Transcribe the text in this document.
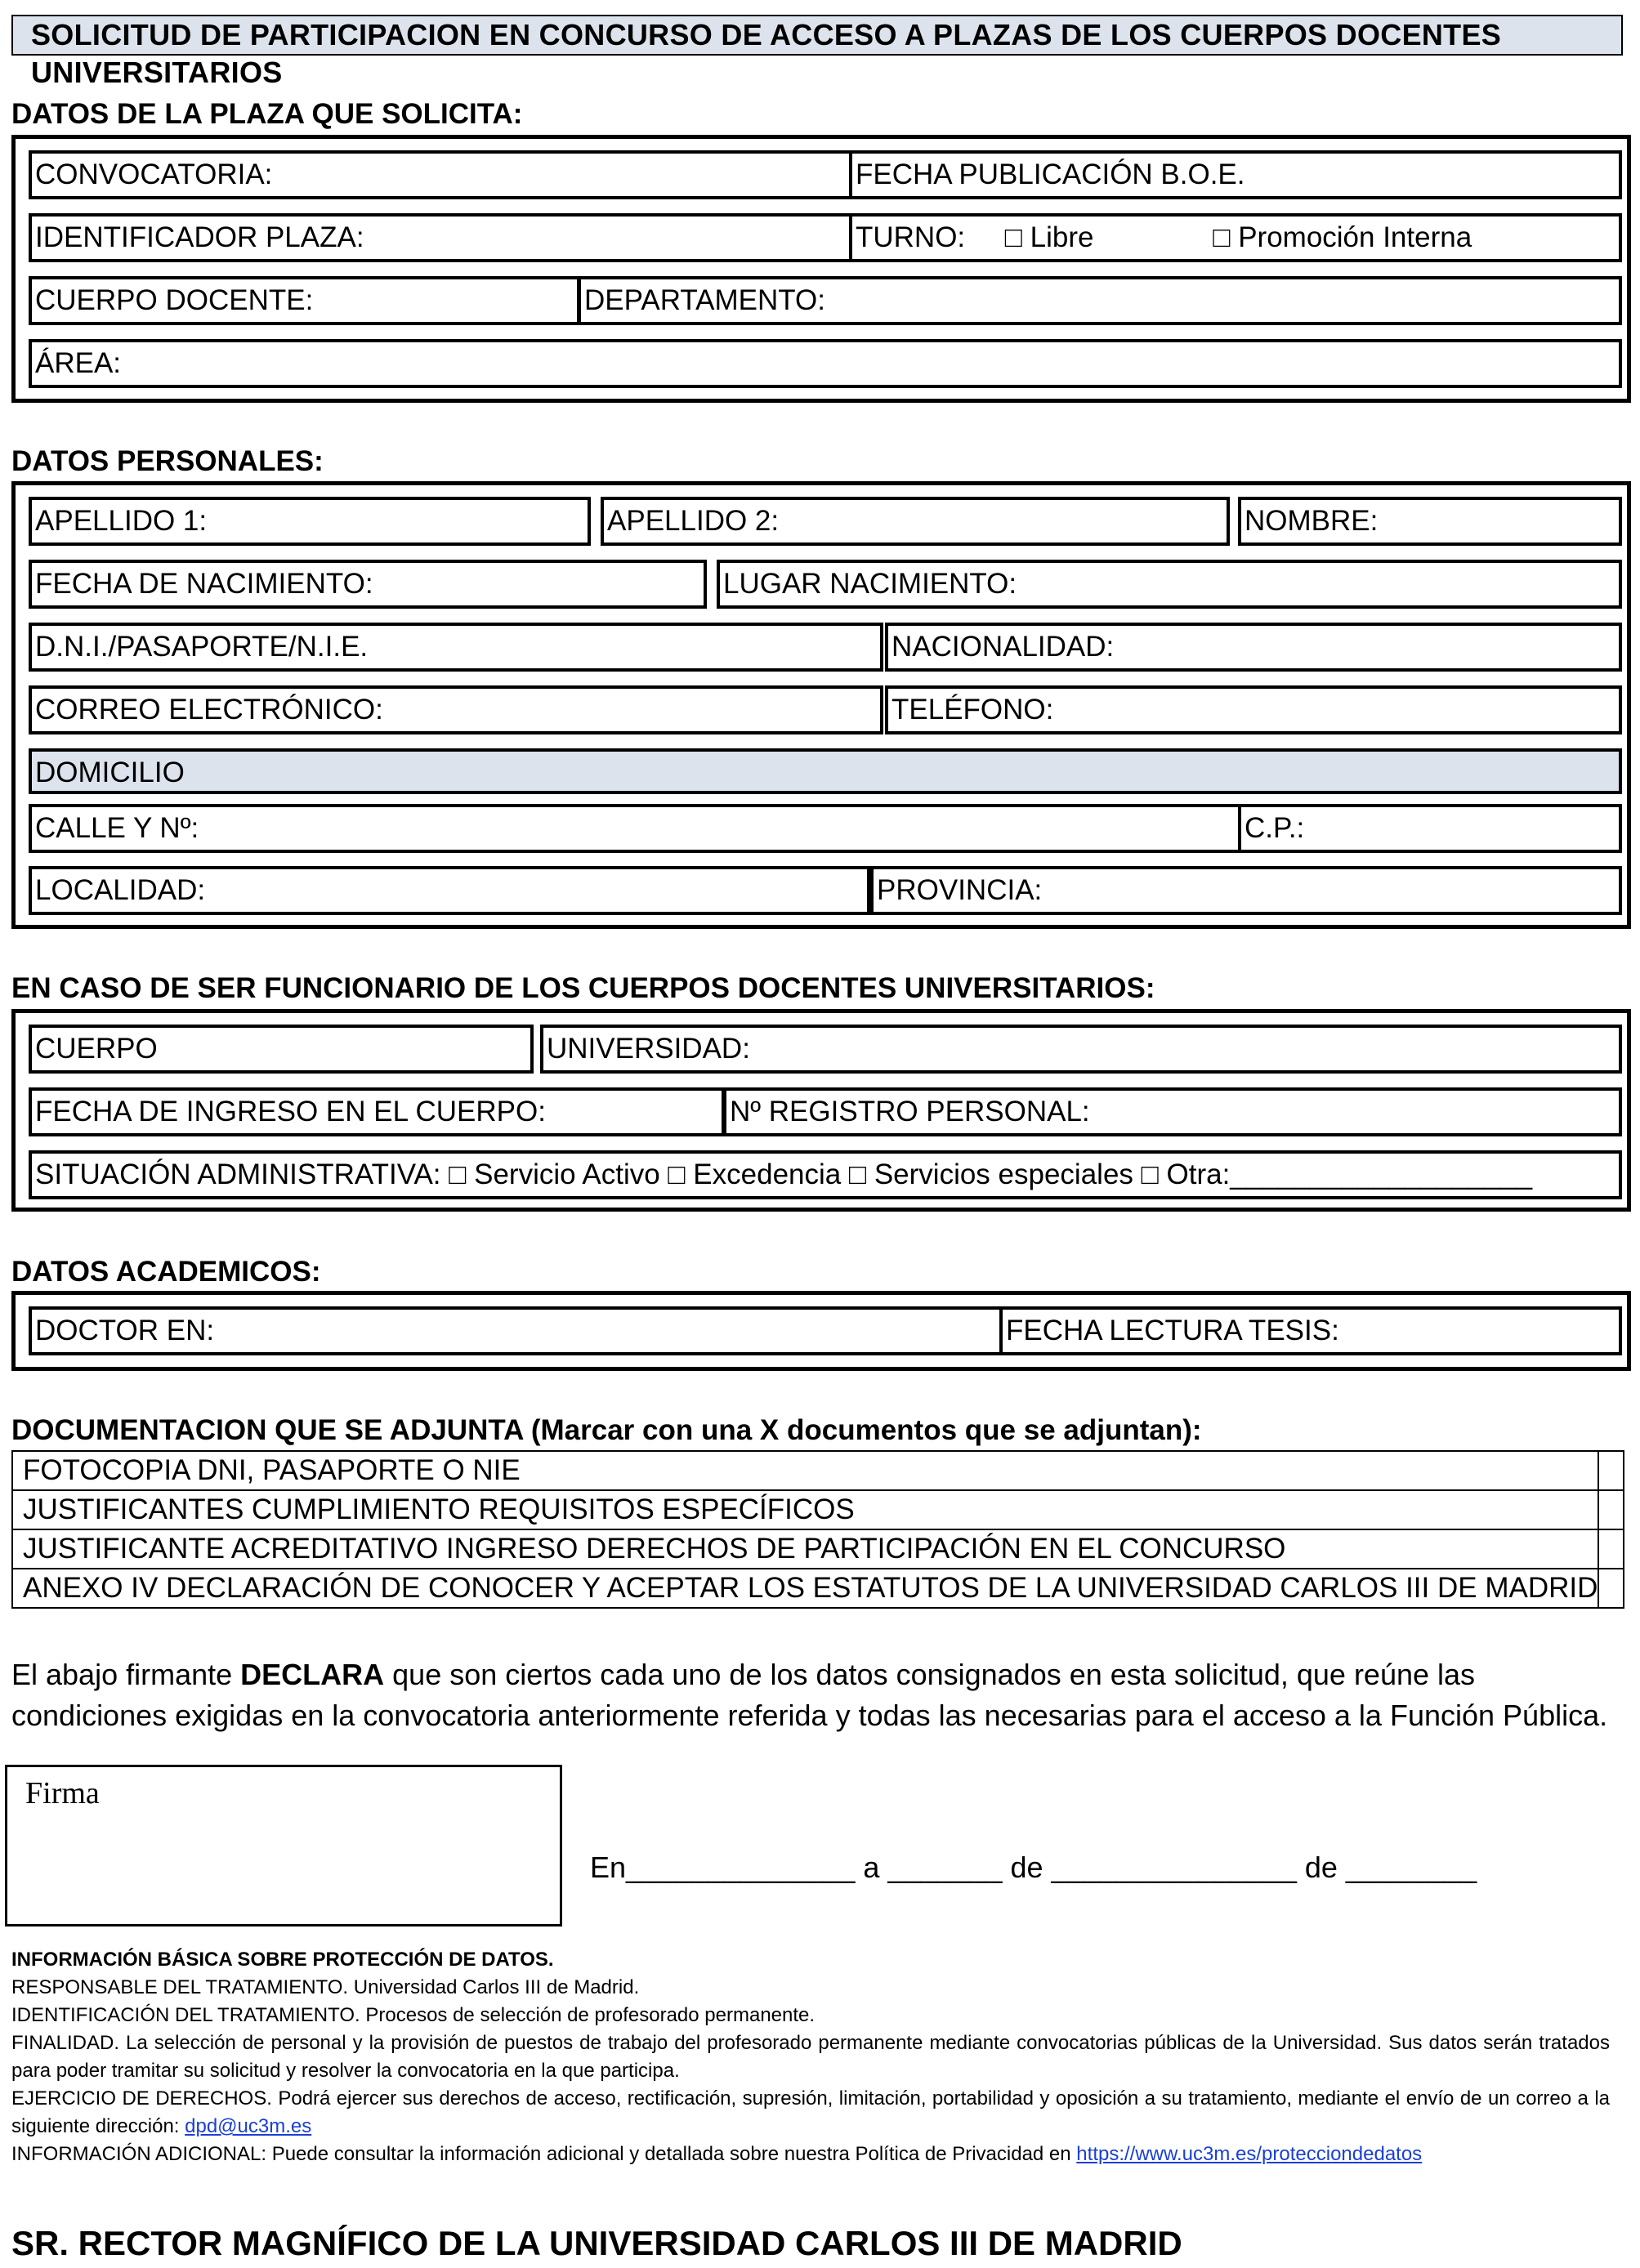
SOLICITUD DE PARTICIPACION EN CONCURSO DE ACCESO A PLAZAS DE LOS CUERPOS DOCENTES UNIVERSITARIOS
DATOS DE LA PLAZA QUE SOLICITA:
CONVOCATORIA:	FECHA PUBLICACIÓN B.O.E.
IDENTIFICADOR PLAZA:	TURNO:     □ Libre               □ Promoción Interna
CUERPO DOCENTE:	DEPARTAMENTO:
ÁREA:
DATOS PERSONALES:
APELLIDO 1:	APELLIDO 2:	NOMBRE:
FECHA DE NACIMIENTO:	LUGAR NACIMIENTO:
D.N.I./PASAPORTE/N.I.E.	NACIONALIDAD:
CORREO ELECTRÓNICO:	TELÉFONO:
DOMICILIO
CALLE Y Nº:	C.P.:
LOCALIDAD:	PROVINCIA:
EN CASO DE SER FUNCIONARIO DE LOS CUERPOS DOCENTES UNIVERSITARIOS:
CUERPO	UNIVERSIDAD:
FECHA DE INGRESO EN EL CUERPO:	Nº REGISTRO PERSONAL:
SITUACIÓN ADMINISTRATIVA: □ Servicio Activo □ Excedencia □ Servicios especiales □ Otra:___________________
DATOS ACADEMICOS:
DOCTOR EN:	FECHA LECTURA TESIS:
DOCUMENTACION QUE SE ADJUNTA (Marcar con una X documentos que se adjuntan):
FOTOCOPIA DNI, PASAPORTE O NIE	
JUSTIFICANTES CUMPLIMIENTO REQUISITOS ESPECÍFICOS	
JUSTIFICANTE ACREDITATIVO INGRESO DERECHOS DE PARTICIPACIÓN EN EL CONCURSO	
ANEXO IV DECLARACIÓN DE CONOCER Y ACEPTAR LOS ESTATUTOS DE LA UNIVERSIDAD CARLOS III DE MADRID	
El abajo firmante DECLARA que son ciertos cada uno de los datos consignados en esta solicitud, que reúne las condiciones exigidas en la convocatoria anteriormente referida y todas las necesarias para el acceso a la Función Pública.
Firma
En______________ a _______ de _______________ de ________
INFORMACIÓN BÁSICA SOBRE PROTECCIÓN DE DATOS.
RESPONSABLE DEL TRATAMIENTO. Universidad Carlos III de Madrid.
IDENTIFICACIÓN DEL TRATAMIENTO. Procesos de selección de profesorado permanente.
FINALIDAD. La selección de personal y la provisión de puestos de trabajo del profesorado permanente mediante convocatorias públicas de la Universidad. Sus datos serán tratados para poder tramitar su solicitud y resolver la convocatoria en la que participa.
EJERCICIO DE DERECHOS. Podrá ejercer sus derechos de acceso, rectificación, supresión, limitación, portabilidad y oposición a su tratamiento, mediante el envío de un correo a la siguiente dirección: dpd@uc3m.es
INFORMACIÓN ADICIONAL: Puede consultar la información adicional y detallada sobre nuestra Política de Privacidad en https://www.uc3m.es/protecciondedatos
SR. RECTOR MAGNÍFICO DE LA UNIVERSIDAD CARLOS III DE MADRID
